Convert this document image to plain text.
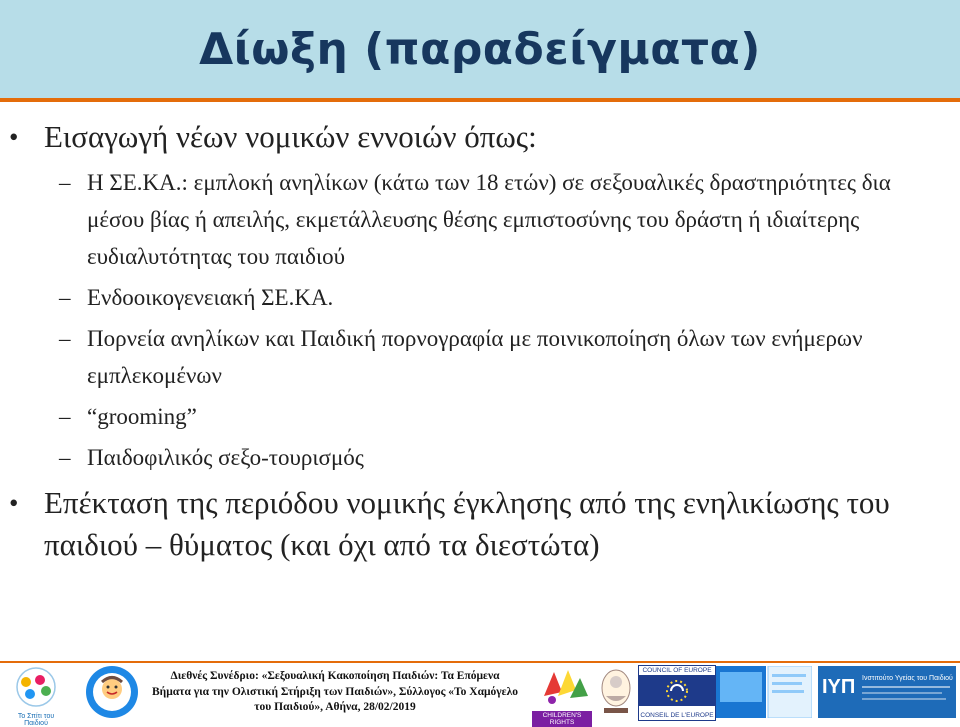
Δίωξη (παραδείγματα)
• Εισαγωγή νέων νομικών εννοιών όπως:
– Η ΣΕ.ΚΑ.: εμπλοκή ανηλίκων (κάτω των 18 ετών) σε σεξουαλικές δραστηριότητες δια μέσου βίας ή απειλής, εκμετάλλευσης θέσης εμπιστοσύνης του δράστη ή ιδιαίτερης ευδιαλυτότητας του παιδιού
– Ενδοοικογενειακή ΣΕ.ΚΑ.
– Πορνεία ανηλίκων και Παιδική πορνογραφία με ποινικοποίηση όλων των ενήμερων εμπλεκομένων
– “grooming”
– Παιδοφιλικός σεξο-τουρισμός
• Επέκταση της περιόδου νομικής έγκλησης από της ενηλικίωσης του παιδιού – θύματος (και όχι από τα διεστώτα)
Το Σπίτι του Παιδιού
Διεθνές Συνέδριο: «Σεξουαλική Κακοποίηση Παιδιών: Τα Επόμενα Βήματα για την Ολιστική Στήριξη των Παιδιών», Σύλλογος «Το Χαμόγελο του Παιδιού», Αθήνα, 28/02/2019
CHILDREN'S RIGHTS
COUNCIL OF EUROPE
CONSEIL DE L'EUROPE
ΙΥΠ Ινστιτούτο Υγείας του Παιδιού
